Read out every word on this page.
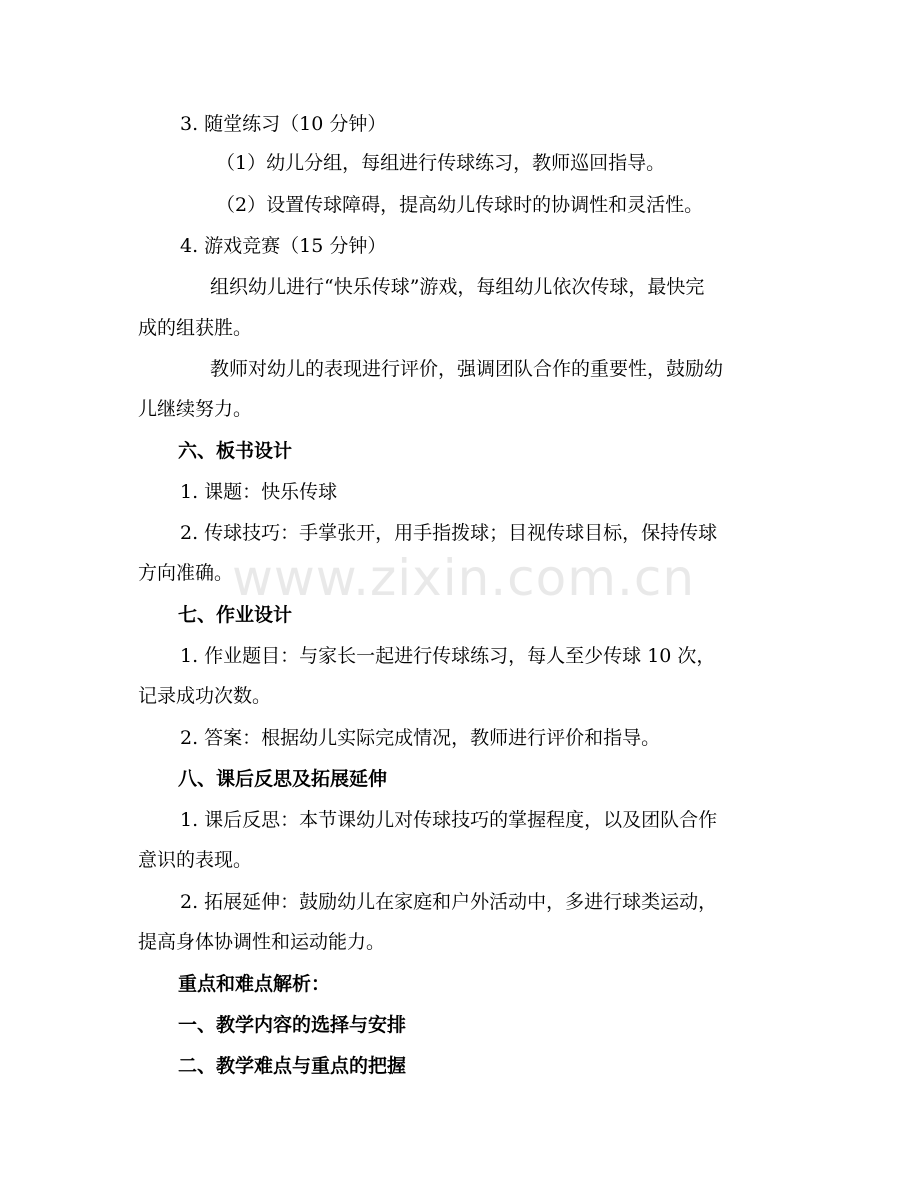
3. 随堂练习（10 分钟）
（1）幼儿分组，每组进行传球练习，教师巡回指导。
（2）设置传球障碍，提高幼儿传球时的协调性和灵活性。
4. 游戏竞赛（15 分钟）
组织幼儿进行“快乐传球”游戏，每组幼儿依次传球，最快完
成的组获胜。
教师对幼儿的表现进行评价，强调团队合作的重要性，鼓励幼
儿继续努力。
六、板书设计
1. 课题：快乐传球
2. 传球技巧：手掌张开，用手指拨球；目视传球目标，保持传球
方向准确。
七、作业设计
1. 作业题目：与家长一起进行传球练习，每人至少传球 10 次，
记录成功次数。
2. 答案：根据幼儿实际完成情况，教师进行评价和指导。
八、课后反思及拓展延伸
1. 课后反思：本节课幼儿对传球技巧的掌握程度，以及团队合作
意识的表现。
2. 拓展延伸：鼓励幼儿在家庭和户外活动中，多进行球类运动，
提高身体协调性和运动能力。
重点和难点解析：
一、教学内容的选择与安排
二、教学难点与重点的把握
www.zixin.com.cn
